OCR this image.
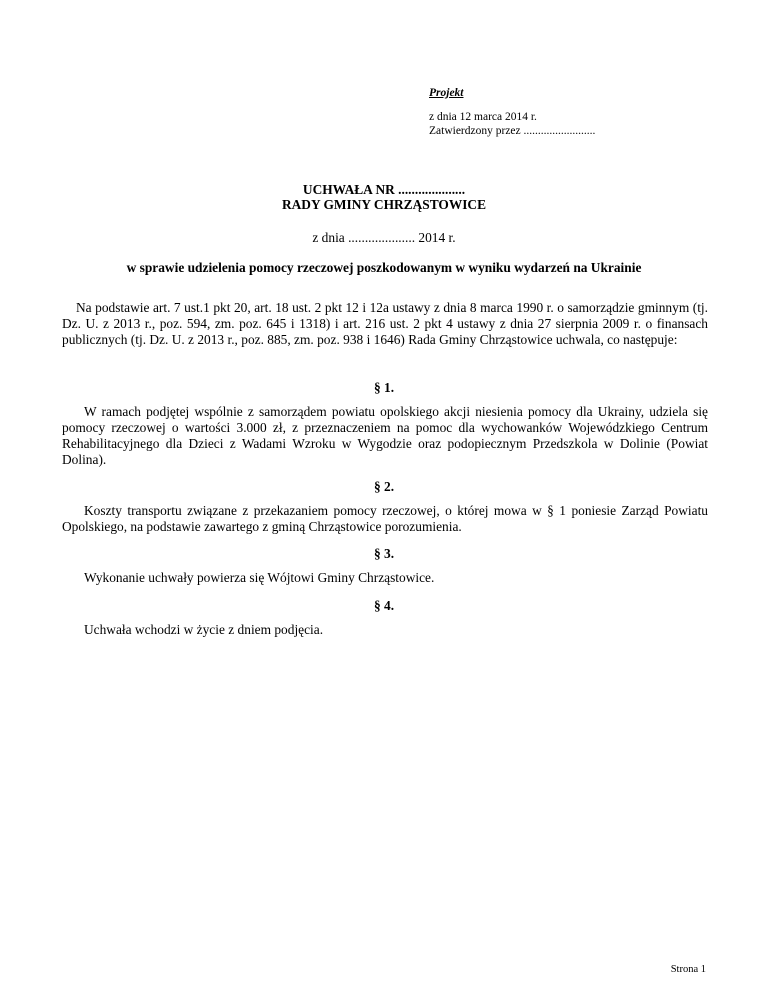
Projekt
z dnia 12 marca 2014 r.
Zatwierdzony przez .........................
UCHWAŁA NR ....................
RADY GMINY CHRZĄSTOWICE
z dnia .................... 2014 r.
w sprawie udzielenia pomocy rzeczowej poszkodowanym w wyniku wydarzeń na Ukrainie
Na podstawie art. 7 ust.1 pkt 20, art. 18 ust. 2 pkt 12 i 12a ustawy z dnia 8 marca 1990 r. o samorządzie gminnym (tj. Dz. U. z 2013 r., poz. 594, zm. poz. 645 i 1318) i art. 216 ust. 2 pkt 4 ustawy z dnia 27 sierpnia 2009 r. o finansach publicznych (tj. Dz. U. z 2013 r., poz. 885, zm. poz. 938 i 1646) Rada Gminy Chrząstowice uchwala, co następuje:
§ 1.
W ramach podjętej wspólnie z samorządem powiatu opolskiego akcji niesienia pomocy dla Ukrainy, udziela się pomocy rzeczowej o wartości 3.000 zł, z przeznaczeniem na pomoc dla wychowanków Wojewódzkiego Centrum Rehabilitacyjnego dla Dzieci z Wadami Wzroku w Wygodzie oraz podopiecznym Przedszkola w Dolinie (Powiat Dolina).
§ 2.
Koszty transportu związane z przekazaniem pomocy rzeczowej, o której mowa w § 1 poniesie Zarząd Powiatu Opolskiego, na podstawie zawartego z gminą Chrząstowice porozumienia.
§ 3.
Wykonanie uchwały powierza się Wójtowi Gminy Chrząstowice.
§ 4.
Uchwała wchodzi w życie z dniem podjęcia.
Strona 1
